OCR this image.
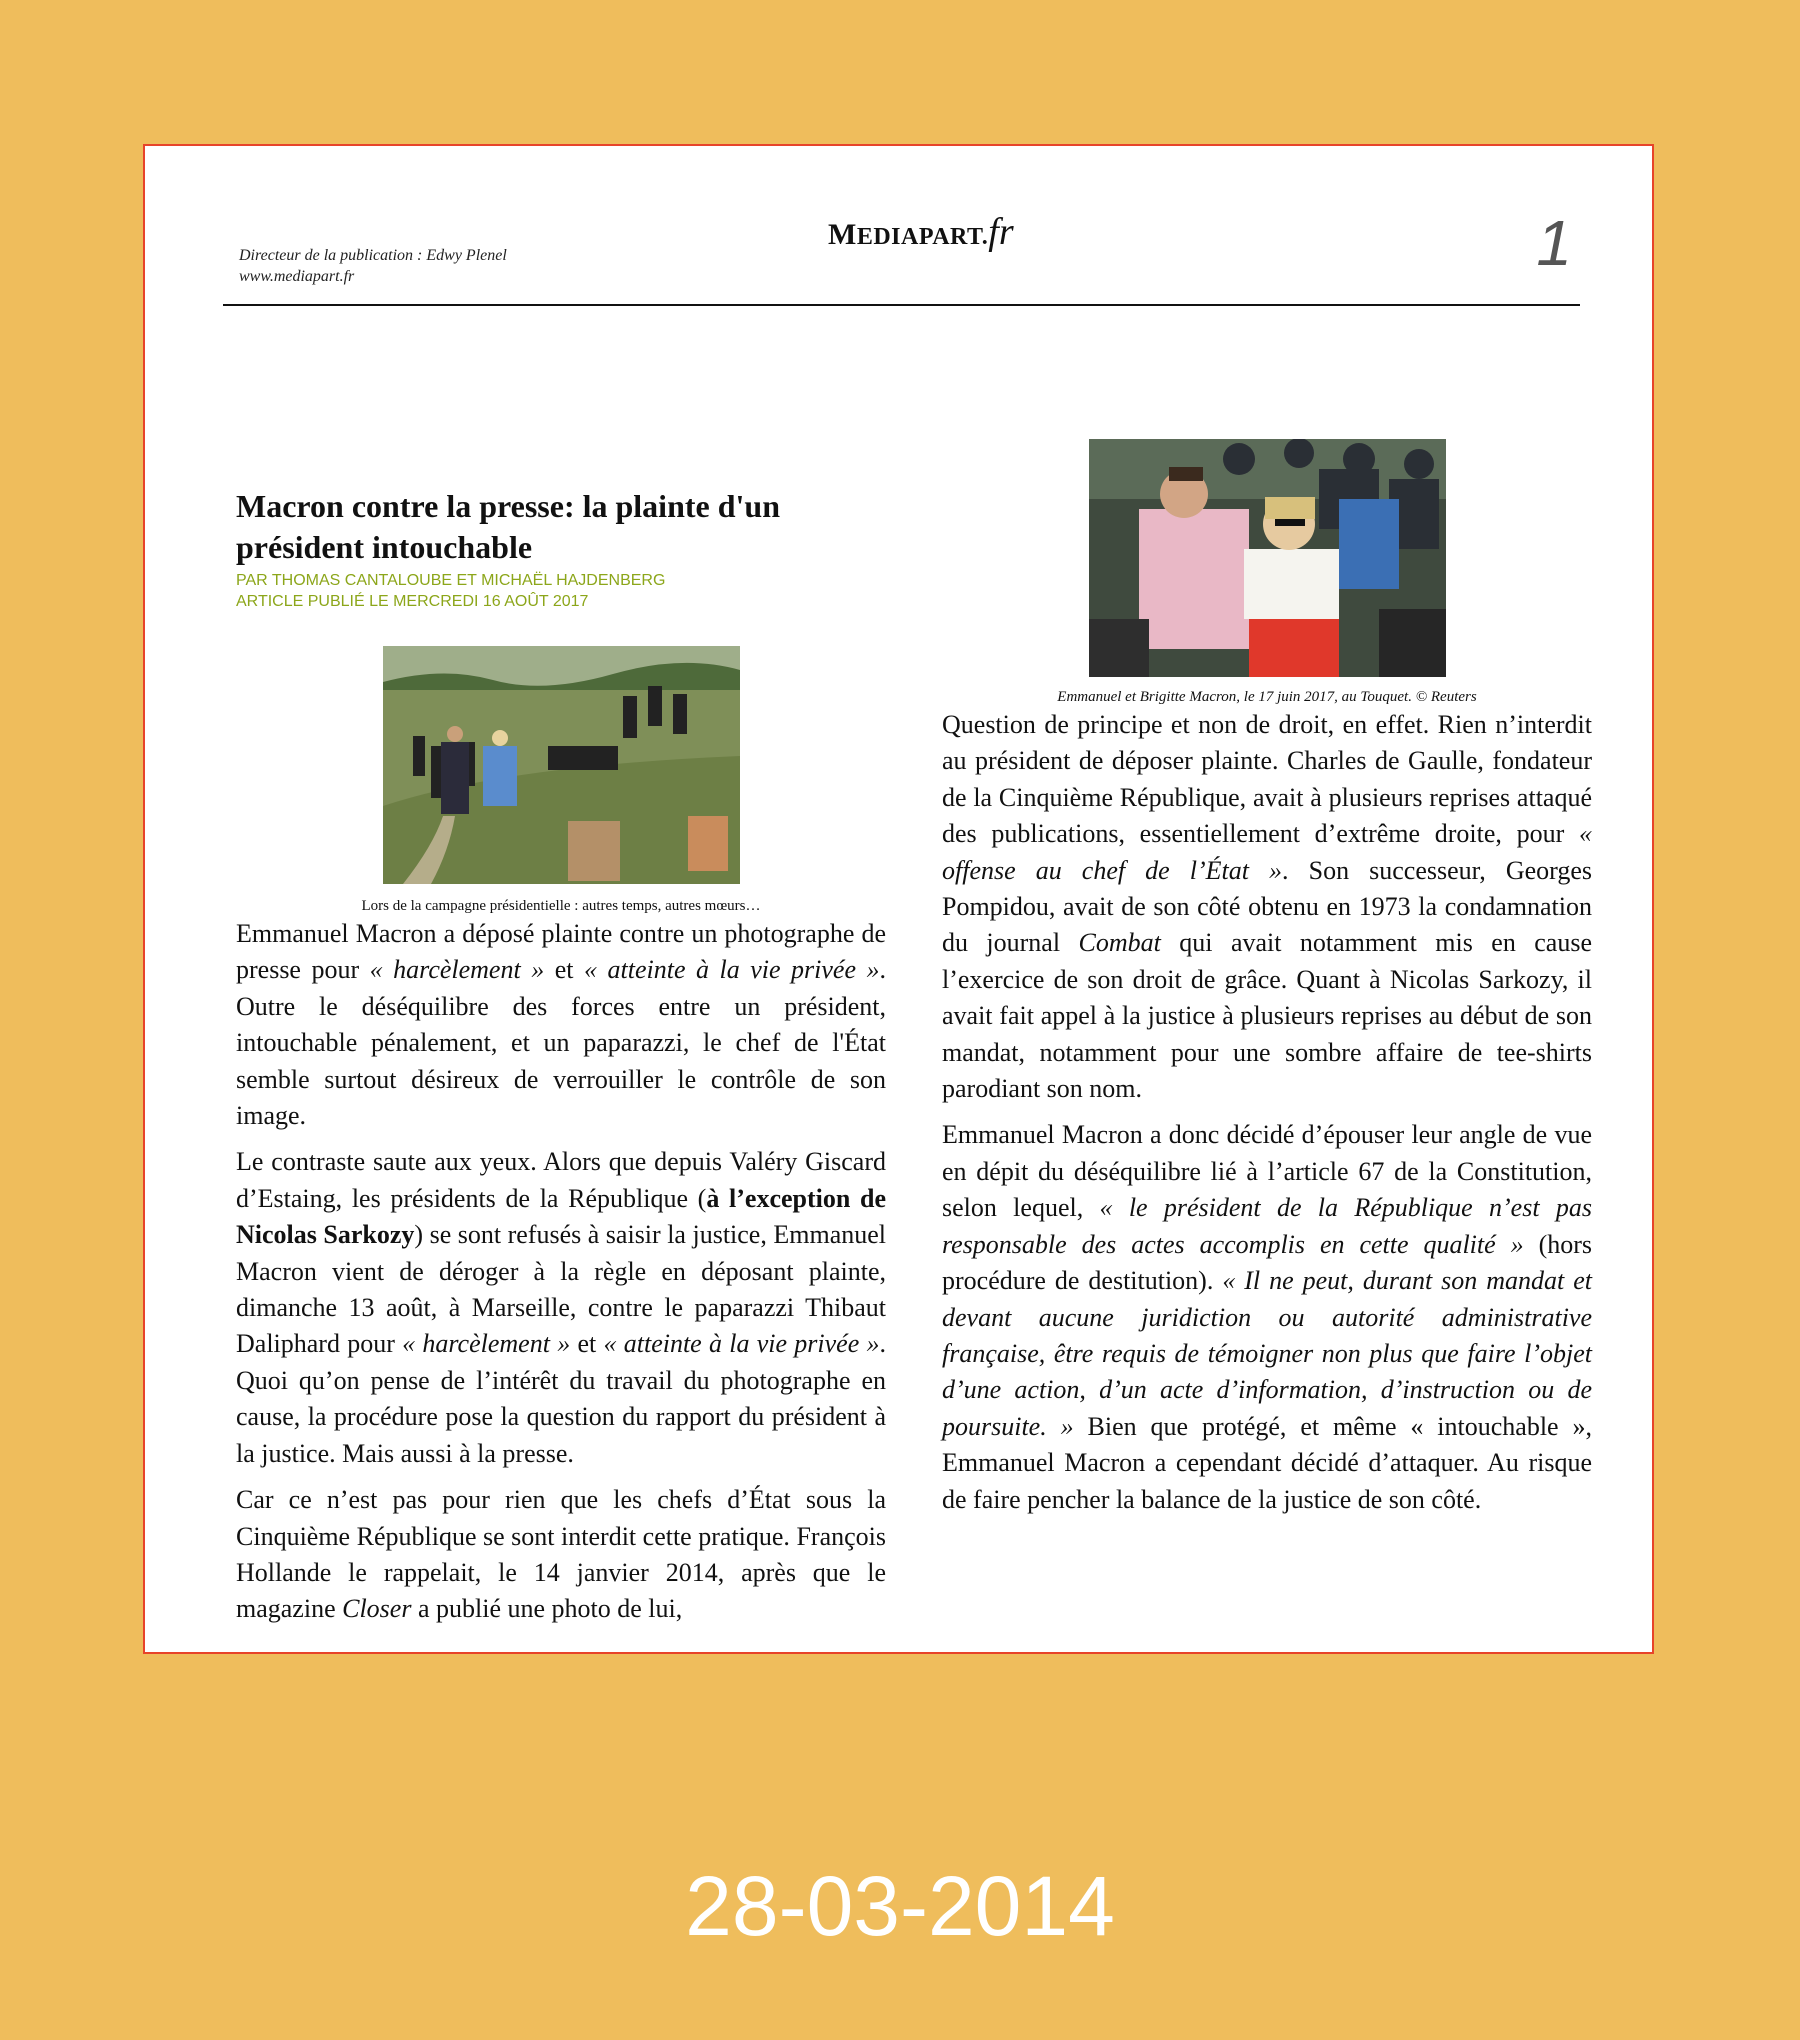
Directeur de la publication : Edwy Plenel
www.mediapart.fr
MEDIAPART.fr	1
Macron contre la presse: la plainte d'un président intouchable
PAR THOMAS CANTALOUBE ET MICHAËL HAJDENBERG
ARTICLE PUBLIÉ LE MERCREDI 16 AOÛT 2017
Lors de la campagne présidentielle : autres temps, autres mœurs…

Emmanuel Macron a déposé plainte contre un photographe de presse pour « harcèlement » et « atteinte à la vie privée ». Outre le déséquilibre des forces entre un président, intouchable pénalement, et un paparazzi, le chef de l'État semble surtout désireux de verrouiller le contrôle de son image.

Le contraste saute aux yeux. Alors que depuis Valéry Giscard d’Estaing, les présidents de la République (à l’exception de Nicolas Sarkozy) se sont refusés à saisir la justice, Emmanuel Macron vient de déroger à la règle en déposant plainte, dimanche 13 août, à Marseille, contre le paparazzi Thibaut Daliphard pour « harcèlement » et « atteinte à la vie privée ». Quoi qu’on pense de l’intérêt du travail du photographe en cause, la procédure pose la question du rapport du président à la justice. Mais aussi à la presse.

Car ce n’est pas pour rien que les chefs d’État sous la Cinquième République se sont interdit cette pratique. François Hollande le rappelait, le 14 janvier 2014, après que le magazine Closer a publié une photo de lui,

Emmanuel et Brigitte Macron, le 17 juin 2017, au Touquet. © Reuters

Question de principe et non de droit, en effet. Rien n’interdit au président de déposer plainte. Charles de Gaulle, fondateur de la Cinquième République, avait à plusieurs reprises attaqué des publications, essentiellement d’extrême droite, pour « offense au chef de l’État ». Son successeur, Georges Pompidou, avait de son côté obtenu en 1973 la condamnation du journal Combat qui avait notamment mis en cause l’exercice de son droit de grâce. Quant à Nicolas Sarkozy, il avait fait appel à la justice à plusieurs reprises au début de son mandat, notamment pour une sombre affaire de tee-shirts parodiant son nom.

Emmanuel Macron a donc décidé d’épouser leur angle de vue en dépit du déséquilibre lié à l’article 67 de la Constitution, selon lequel, « le président de la République n’est pas responsable des actes accomplis en cette qualité » (hors procédure de destitution). « Il ne peut, durant son mandat et devant aucune juridiction ou autorité administrative française, être requis de témoigner non plus que faire l’objet d’une action, d’un acte d’information, d’instruction ou de poursuite. » Bien que protégé, et même « intouchable », Emmanuel Macron a cependant décidé d’attaquer. Au risque de faire pencher la balance de la justice de son côté.

28-03-2014
